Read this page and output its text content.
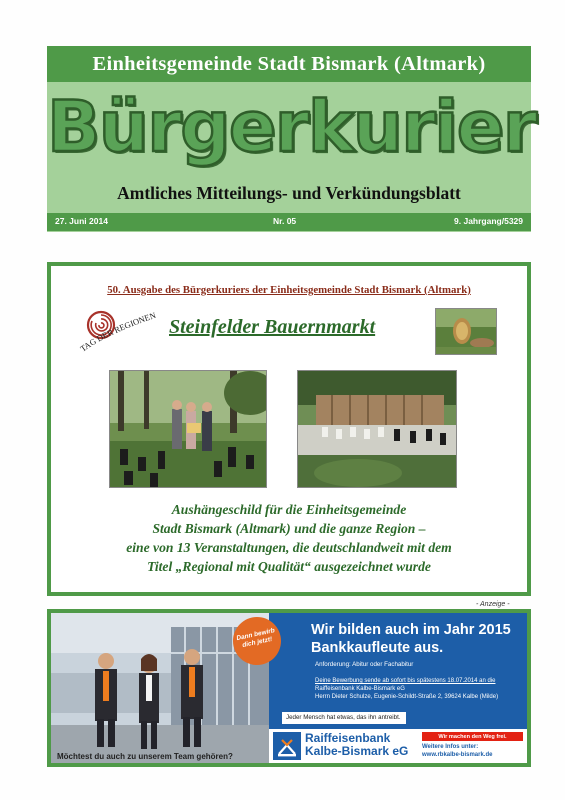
Einheitsgemeinde Stadt Bismark (Altmark)
Bürgerkurier
Amtliches Mitteilungs- und Verkündungsblatt
27. Juni 2014	Nr. 05	9. Jahrgang/5329
50. Ausgabe des Bürgerkuriers der Einheitsgemeinde Stadt Bismark (Altmark)
TAG DER REGIONEN
Steinfelder Bauernmarkt
Aushängeschild für die Einheitsgemeinde
Stadt Bismark (Altmark) und die ganze Region –
eine von 13 Veranstaltungen, die deutschlandweit mit dem
Titel „Regional mit Qualität“ ausgezeichnet wurde
- Anzeige -
Wir bilden auch im Jahr 2015
Bankkaufleute aus.
Anforderung: Abitur oder Fachabitur
Deine Bewerbung sende ab sofort bis spätestens 18.07.2014 an die
Raiffeisenbank Kalbe-Bismark eG
Herrn Dieter Schulze, Eugenie-Schildt-Straße 2, 39624 Kalbe (Milde)
Jeder Mensch hat etwas, das ihn antreibt.
Dann bewirb dich jetzt!
Raiffeisenbank
Kalbe-Bismark eG
Wir machen den Weg frei.
Weitere Infos unter:
www.rbkalbe-bismark.de
Möchtest du auch zu unserem Team gehören?
